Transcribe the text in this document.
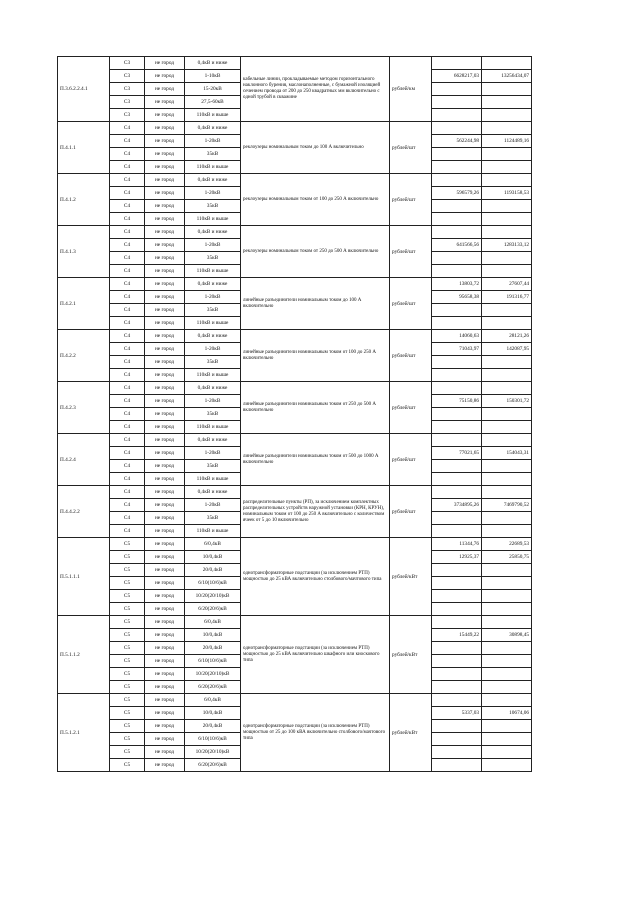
П.3.6.2.2.4.1	С3	не город	0,4кВ и ниже	кабельные линии, прокладываемые методом горизонтального наклонного бурения, маслонаполненные, с бумажной изоляцией сечением провода от 200 до 250 квадратных мм включительно с одной трубой в скважине	рублей/км		
	С3	не город	1-10кВ			6628217,03	13256434,07
	С3	не город	15-20кВ				
	С3	не город	27,5-60кВ				
	С3	не город	110кВ и выше				
П.4.1.1	С4	не город	0,4кВ и ниже	реклоузеры номинальным током до 100 А включительно	рублей/шт		
	С4	не город	1-20кВ			562244,98	1124489,16
	С4	не город	35кВ				
	С4	не город	110кВ и выше				
П.4.1.2	С4	не город	0,4кВ и ниже	реклоузеры номинальным током от 100 до 250 А включительно	рублей/шт		
	С4	не город	1-20кВ			596579,26	1193158,53
	С4	не город	35кВ				
	С4	не город	110кВ и выше				
П.4.1.3	С4	не город	0,4кВ и ниже	реклоузеры номинальным током от 250 до 500 А включительно	рублей/шт		
	С4	не город	1-20кВ			641566,56	1283133,12
	С4	не город	35кВ				
	С4	не город	110кВ и выше				
П.4.2.1	С4	не город	0,4кВ и ниже	линейные разъединители номинальным током до 100 А включительно	рублей/шт	13803,72	27607,44
	С4	не город	1-20кВ			95658,38	191316,77
	С4	не город	35кВ				
	С4	не город	110кВ и выше				
П.4.2.2	С4	не город	0,4кВ и ниже	линейные разъединители номинальным током от 100 до 250 А включительно	рублей/шт	14060,63	28121,26
	С4	не город	1-20кВ			71043,97	142087,95
	С4	не город	35кВ				
	С4	не город	110кВ и выше				
П.4.2.3	С4	не город	0,4кВ и ниже	линейные разъединители номинальным током от 250 до 500 А включительно	рублей/шт		
	С4	не город	1-20кВ			75150,86	150301,72
	С4	не город	35кВ				
	С4	не город	110кВ и выше				
П.4.2.4	С4	не город	0,4кВ и ниже	линейные разъединители номинальным током от 500 до 1000 А включительно	рублей/шт		
	С4	не город	1-20кВ			77021,65	154043,31
	С4	не город	35кВ				
	С4	не город	110кВ и выше				
П.4.4.2.2	С4	не город	0,4кВ и ниже	распределительные пункты (РП), за исключением комплектных распределительных устройств наружной установки (КРН, КРУН), номинальным током от 100 до 250 А включительно с количеством ячеек от 5 до 10 включительно	рублей/шт		
	С4	не город	1-20кВ			3734895,26	7469790,52
	С4	не город	35кВ				
	С4	не город	110кВ и выше				
П.5.1.1.1	С5	не город	6/0,4кВ	однотрансформаторные подстанции (за исключением РТП) мощностью до 25 кВА включительно столбового/мачтового типа	рублей/кВт	11344,76	22689,53
	С5	не город	10/0,4кВ			12925,37	25850,75
	С5	не город	20/0,4кВ				
	С5	не город	6/10(10/6)кВ				
	С5	не город	10/20(20/10)кВ				
	С5	не город	6/20(20/6)кВ				
П.5.1.1.2	С5	не город	6/0,4кВ	однотрансформаторные подстанции (за исключением РТП) мощностью до 25 кВА включительно шкафного или киоскового типа	рублей/кВт		
	С5	не город	10/0,4кВ			15449,22	30898,45
	С5	не город	20/0,4кВ				
	С5	не город	6/10(10/6)кВ				
	С5	не город	10/20(20/10)кВ				
	С5	не город	6/20(20/6)кВ				
П.5.1.2.1	С5	не город	6/0,4кВ	однотрансформаторные подстанции (за исключением РТП) мощностью от 25 до 100 кВА включительно столбового/мачтового типа	рублей/кВт		
	С5	не город	10/0,4кВ			5337,03	10674,06
	С5	не город	20/0,4кВ				
	С5	не город	6/10(10/6)кВ				
	С5	не город	10/20(20/10)кВ				
	С5	не город	6/20(20/6)кВ				
